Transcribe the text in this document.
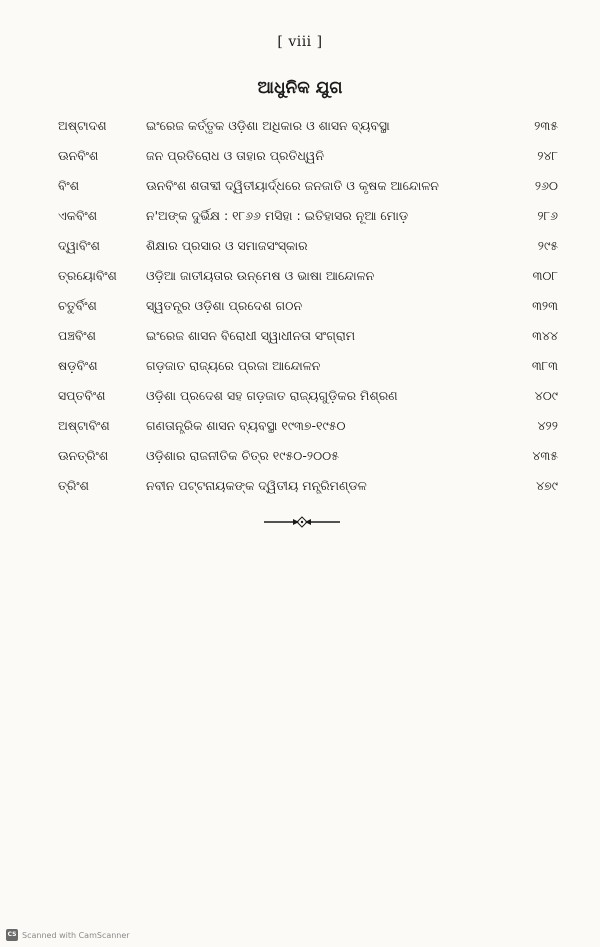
[ viii ]
ଆଧୁନିକ ଯୁଗ
ଅଷ୍ଟାଦଶ	ଇଂରେଜ କର୍ତ୍ତୃକ ଓଡ଼ିଶା ଅଧିକାର ଓ ଶାସନ ବ୍ୟବସ୍ଥା	୨୩୫
ଊନବିଂଶ	ଜନ ପ୍ରତିରୋଧ ଓ ତାହାର ପ୍ରତିଧ୍ୱନି	୨୪୮
ବିଂଶ	ଊନବିଂଶ ଶତାବ୍ଦୀ ଦ୍ୱିତୀୟାର୍ଦ୍ଧରେ ଜନଜାତି ଓ କୃଷକ ଆନ୍ଦୋଳନ	୨୬୦
ଏକବିଂଶ	ନ'ଅଙ୍କ ଦୁର୍ଭିକ୍ଷ : ୧୮୬୬ ମସିହା : ଇତିହାସର ନୂଆ ମୋଡ଼	୨୮୬
ଦ୍ୱାବିଂଶ	ଶିକ୍ଷାର ପ୍ରସାର ଓ ସମାଜସଂସ୍କାର	୨୯୫
ତ୍ରୟୋବିଂଶ	ଓଡ଼ିଆ ଜାତୀୟତାର ଉନ୍ମେଷ ଓ ଭାଷା ଆନ୍ଦୋଳନ	୩୦୮
ଚତୁର୍ବିଂଶ	ସ୍ୱତନ୍ତ୍ର ଓଡ଼ିଶା ପ୍ରଦେଶ ଗଠନ	୩୨୩
ପଞ୍ଚବିଂଶ	ଇଂରେଜ ଶାସନ ବିରୋଧୀ ସ୍ୱାଧୀନତା ସଂଗ୍ରାମ	୩୪୪
ଷଡ଼ବିଂଶ	ଗଡ଼ଜାତ ରାଜ୍ୟରେ ପ୍ରଜା ଆନ୍ଦୋଳନ	୩୮୩
ସପ୍ତବିଂଶ	ଓଡ଼ିଶା ପ୍ରଦେଶ ସହ ଗଡ଼ଜାତ ରାଜ୍ୟଗୁଡ଼ିକର ମିଶ୍ରଣ	୪୦୯
ଅଷ୍ଟାବିଂଶ	ଗଣତାନ୍ତ୍ରିକ ଶାସନ ବ୍ୟବସ୍ଥା ୧୯୩୭-୧୯୫୦	୪୨୨
ଊନତ୍ରିଂଶ	ଓଡ଼ିଶାର ରାଜନୀତିକ ଚିତ୍ର ୧୯୫୦-୨୦୦୫	୪୩୫
ତ୍ରିଂଶ	ନବୀନ ପଟ୍ଟନାୟକଙ୍କ ଦ୍ୱିତୀୟ ମନ୍ତ୍ରିମଣ୍ଡଳ	୪୭୯
CS Scanned with CamScanner
